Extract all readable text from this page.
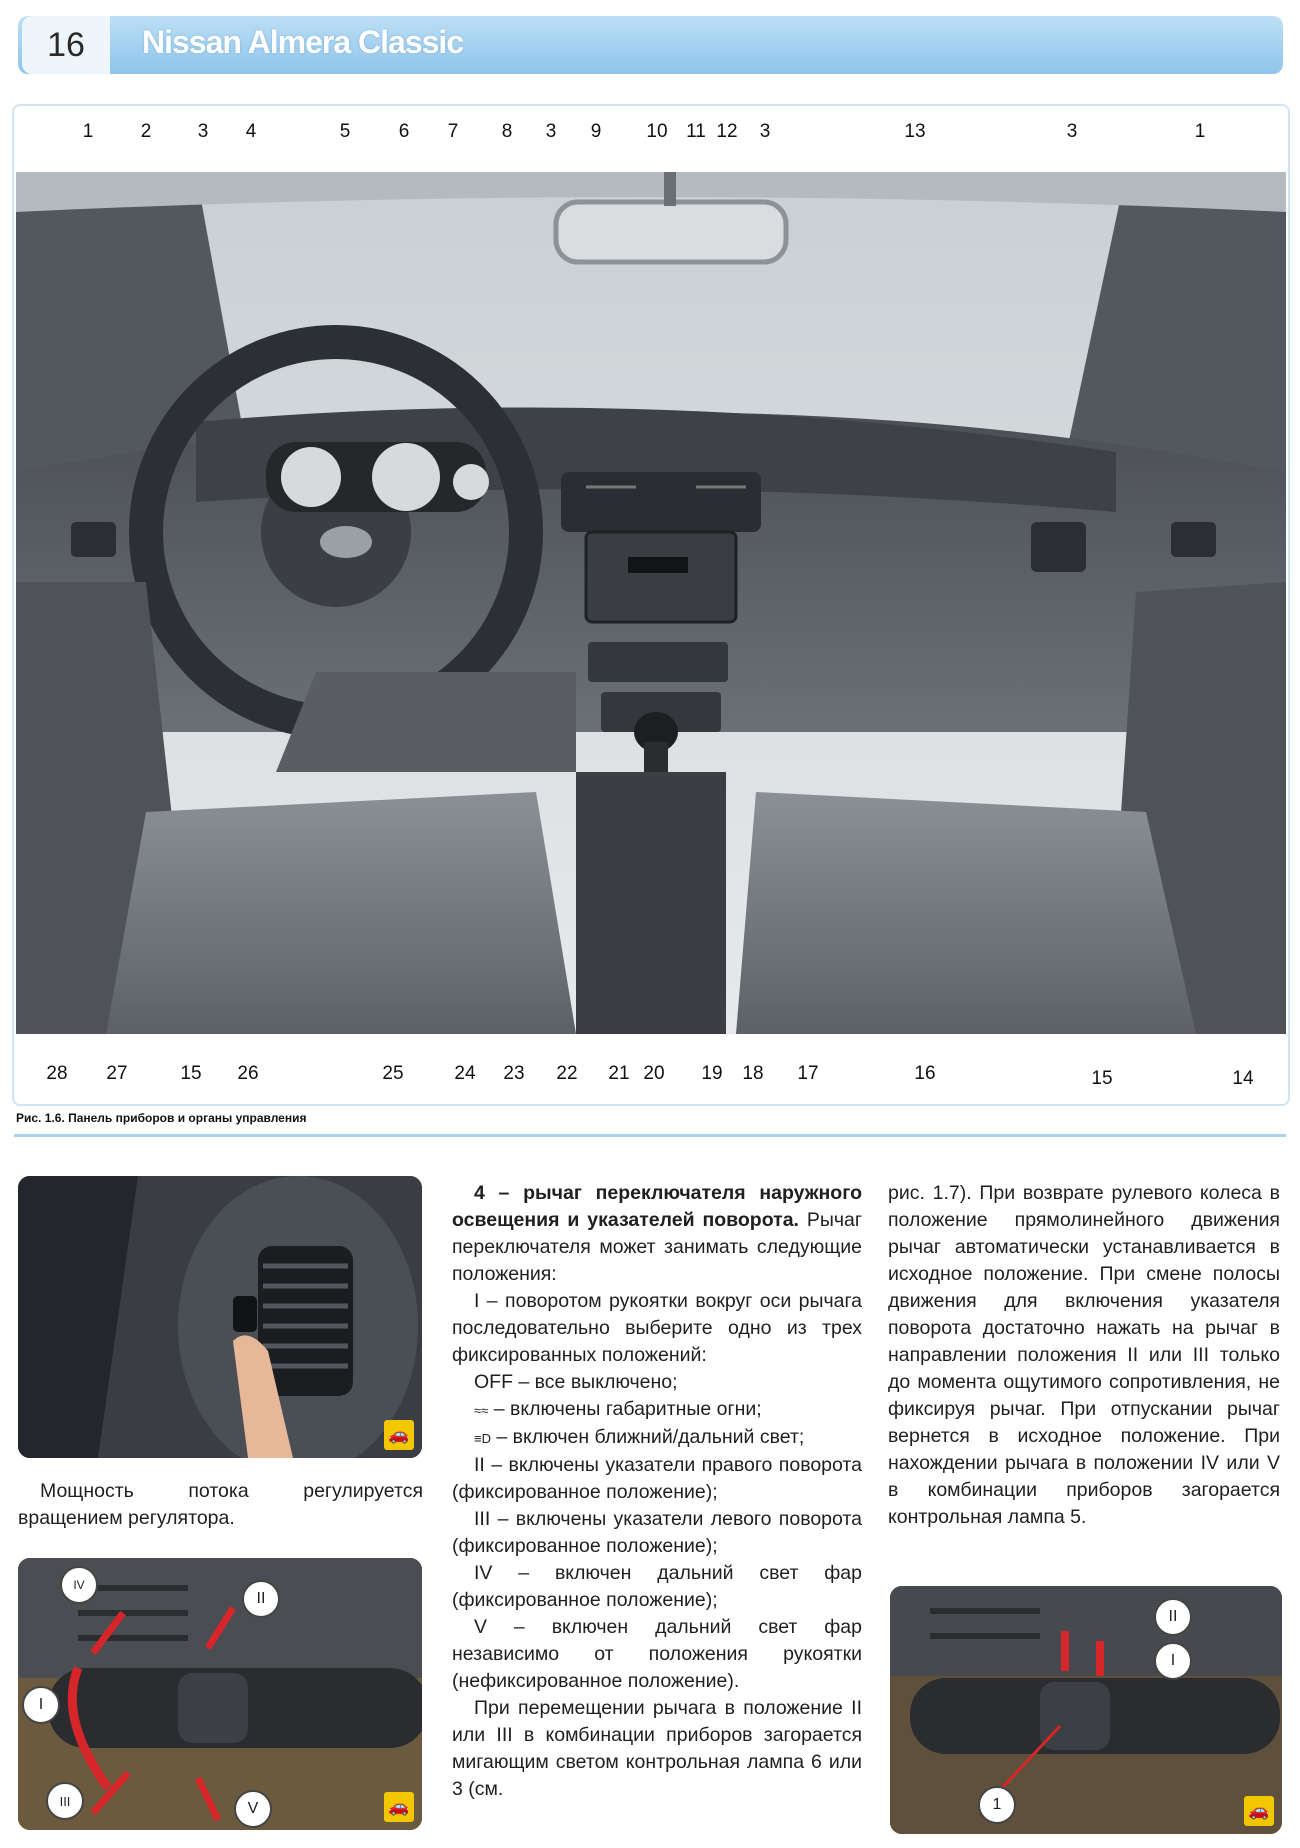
16	Nissan Almera Classic
1	2	3	4	5	6	7	8	3	9	10 11 12	3	13	3	1
28	27	15	26	25	24	23	22	21 20	19	18	17	16	15	14
Рис. 1.6. Панель приборов и органы управления
🚗

Мощность потока регулируется вращением регулятора.

IV
II
I
III	V	🚗

4 – рычаг переключателя наружного освещения и указателей поворота. Рычаг переключателя может занимать следующие положения:

I – поворотом рукоятки вокруг оси рычага последовательно выберите одно из трех фиксированных положений:

OFF – все выключено;

≈≈ – включены габаритные огни;

≡D – включен ближний/дальний свет;

II – включены указатели правого поворота (фиксированное положение);

III – включены указатели левого поворота (фиксированное положение);

IV – включен дальний свет фар (фиксированное положение);

V – включен дальний свет фар независимо от положения рукоятки (нефиксированное положение).

При перемещении рычага в положение II или III в комбинации приборов загорается мигающим светом контрольная лампа 6 или 3 (см.

рис. 1.7). При возврате рулевого колеса в положение прямолинейного движения рычаг автоматически устанавливается в исходное положение. При смене полосы движения для включения указателя поворота достаточно нажать на рычаг в направлении положения II или III только до момента ощутимого сопротивления, не фиксируя рычаг. При отпускании рычаг вернется в исходное положение. При нахождении рычага в положении IV или V в комбинации приборов загорается контрольная лампа 5.

II
I
1	🚗
